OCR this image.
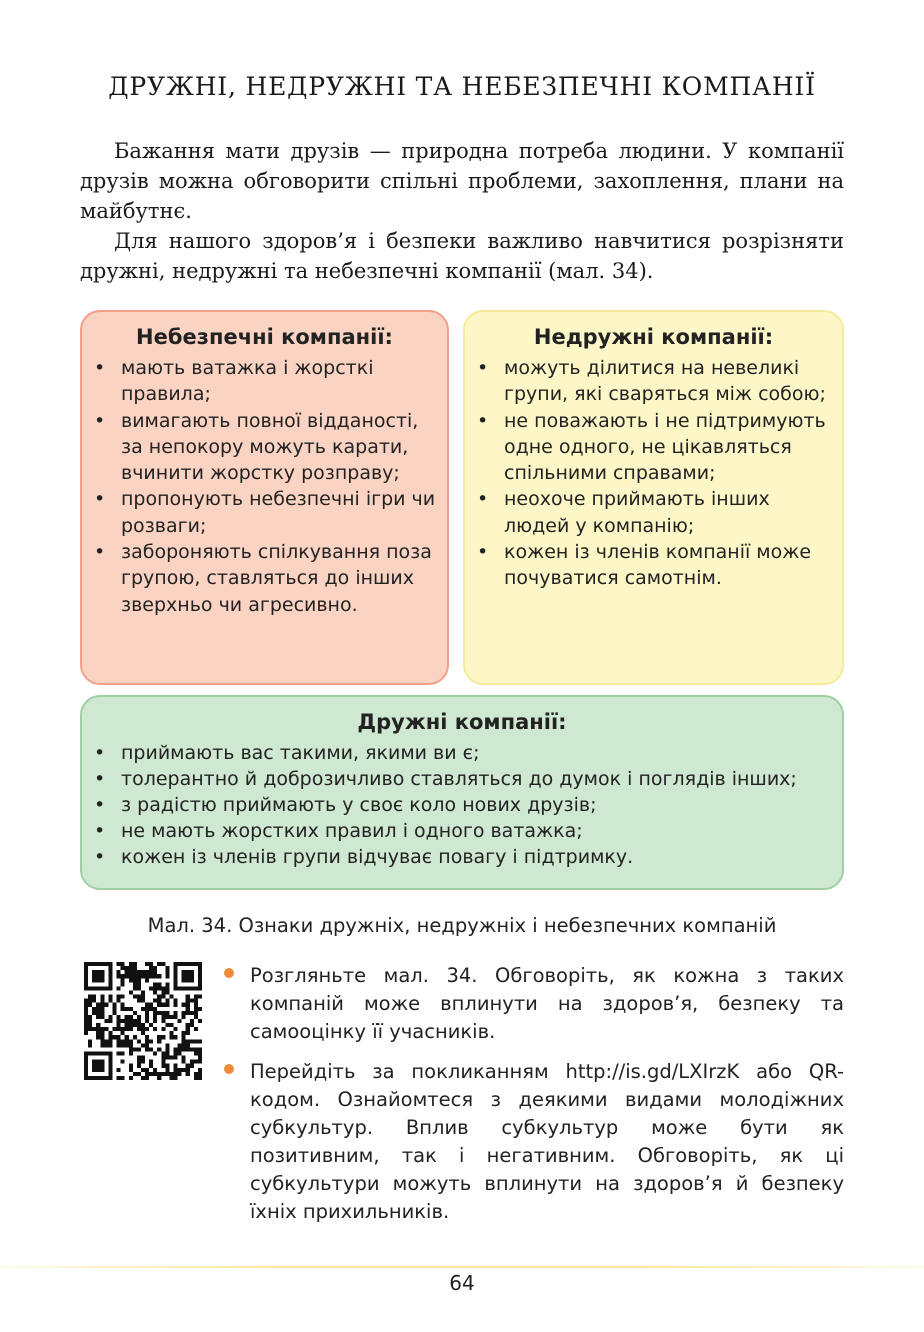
ДРУЖНІ, НЕДРУЖНІ ТА НЕБЕЗПЕЧНІ КОМПАНІЇ
Бажання мати друзів — природна потреба людини. У компанії друзів можна обговорити спільні проблеми, захоплення, плани на майбутнє.
Для нашого здоров’я і безпеки важливо навчитися розрізняти дружні, недружні та небезпечні компанії (мал. 34).
Небезпечні компанії:
• мають ватажка і жорсткі правила;
• вимагають повної відданості, за непокору можуть карати, вчинити жорстку розправу;
• пропонують небезпечні ігри чи розваги;
• забороняють спілкування поза групою, ставляться до інших зверхньо чи агресивно.
Недружні компанії:
• можуть ділитися на невеликі групи, які сваряться між собою;
• не поважають і не підтримують одне одного, не цікавляться спільними справами;
• неохоче приймають інших людей у компанію;
• кожен із членів компанії може почуватися самотнім.
Дружні компанії:
• приймають вас такими, якими ви є;
• толерантно й доброзичливо ставляться до думок і поглядів інших;
• з радістю приймають у своє коло нових друзів;
• не мають жорстких правил і одного ватажка;
• кожен із членів групи відчуває повагу і підтримку.
Мал. 34. Ознаки дружніх, недружніх і небезпечних компаній
Розгляньте мал. 34. Обговоріть, як кожна з таких компаній може вплинути на здоров’я, безпеку та самооцінку її учасників.
Перейдіть за покликанням http://is.gd/LXIrzK або QR-кодом. Ознайомтеся з деякими видами молодіжних субкультур. Вплив субкультур може бути як позитивним, так і негативним. Обговоріть, як ці субкультури можуть вплинути на здоров’я й безпеку їхніх прихильників.
64
